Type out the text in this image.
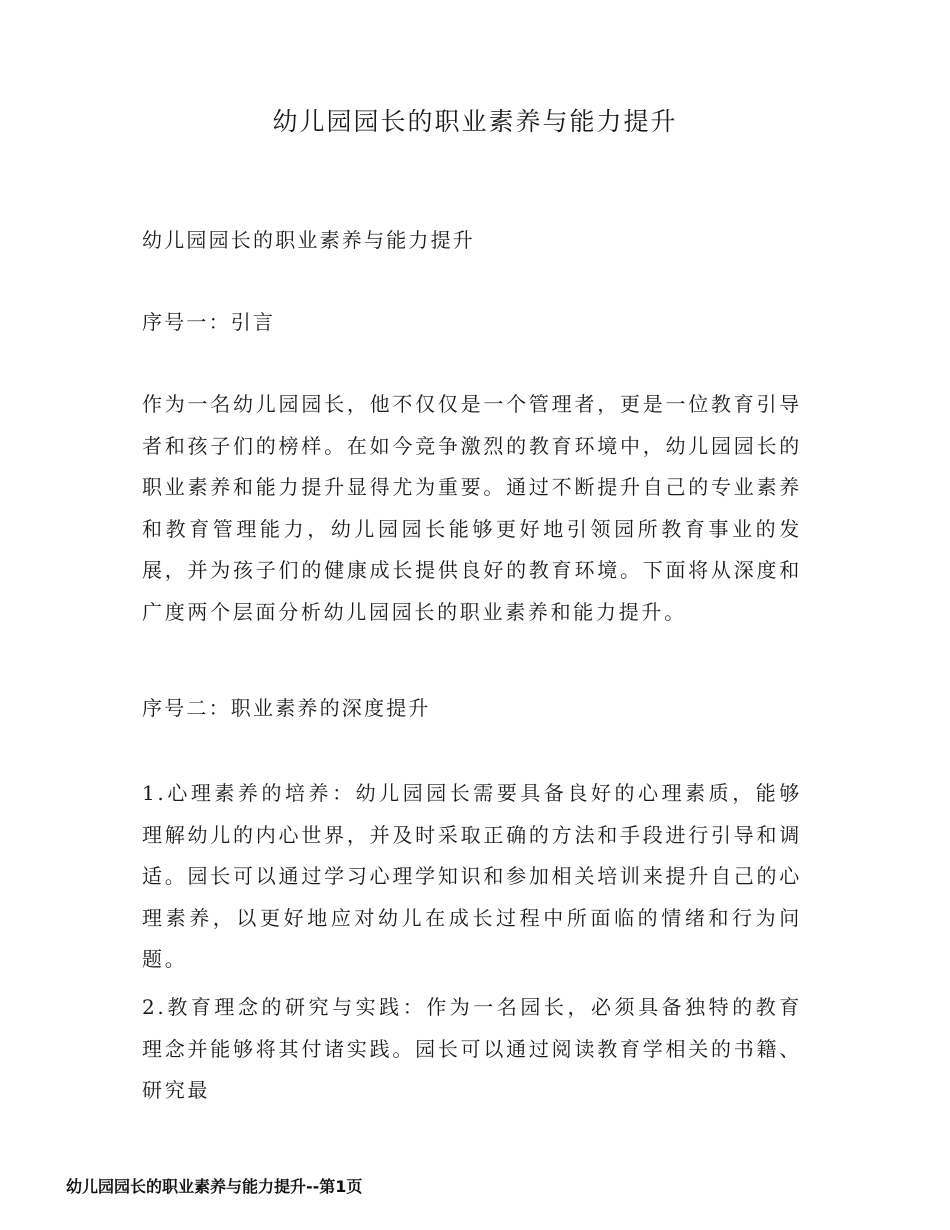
幼儿园园长的职业素养与能力提升
幼儿园园长的职业素养与能力提升
序号一：引言
作为一名幼儿园园长，他不仅仅是一个管理者，更是一位教育引导者和孩子们的榜样。在如今竞争激烈的教育环境中，幼儿园园长的职业素养和能力提升显得尤为重要。通过不断提升自己的专业素养和教育管理能力，幼儿园园长能够更好地引领园所教育事业的发展，并为孩子们的健康成长提供良好的教育环境。下面将从深度和广度两个层面分析幼儿园园长的职业素养和能力提升。
序号二：职业素养的深度提升
1.心理素养的培养：幼儿园园长需要具备良好的心理素质，能够理解幼儿的内心世界，并及时采取正确的方法和手段进行引导和调适。园长可以通过学习心理学知识和参加相关培训来提升自己的心理素养，以更好地应对幼儿在成长过程中所面临的情绪和行为问题。
2.教育理念的研究与实践：作为一名园长，必须具备独特的教育理念并能够将其付诸实践。园长可以通过阅读教育学相关的书籍、研究最
幼儿园园长的职业素养与能力提升--第1页
